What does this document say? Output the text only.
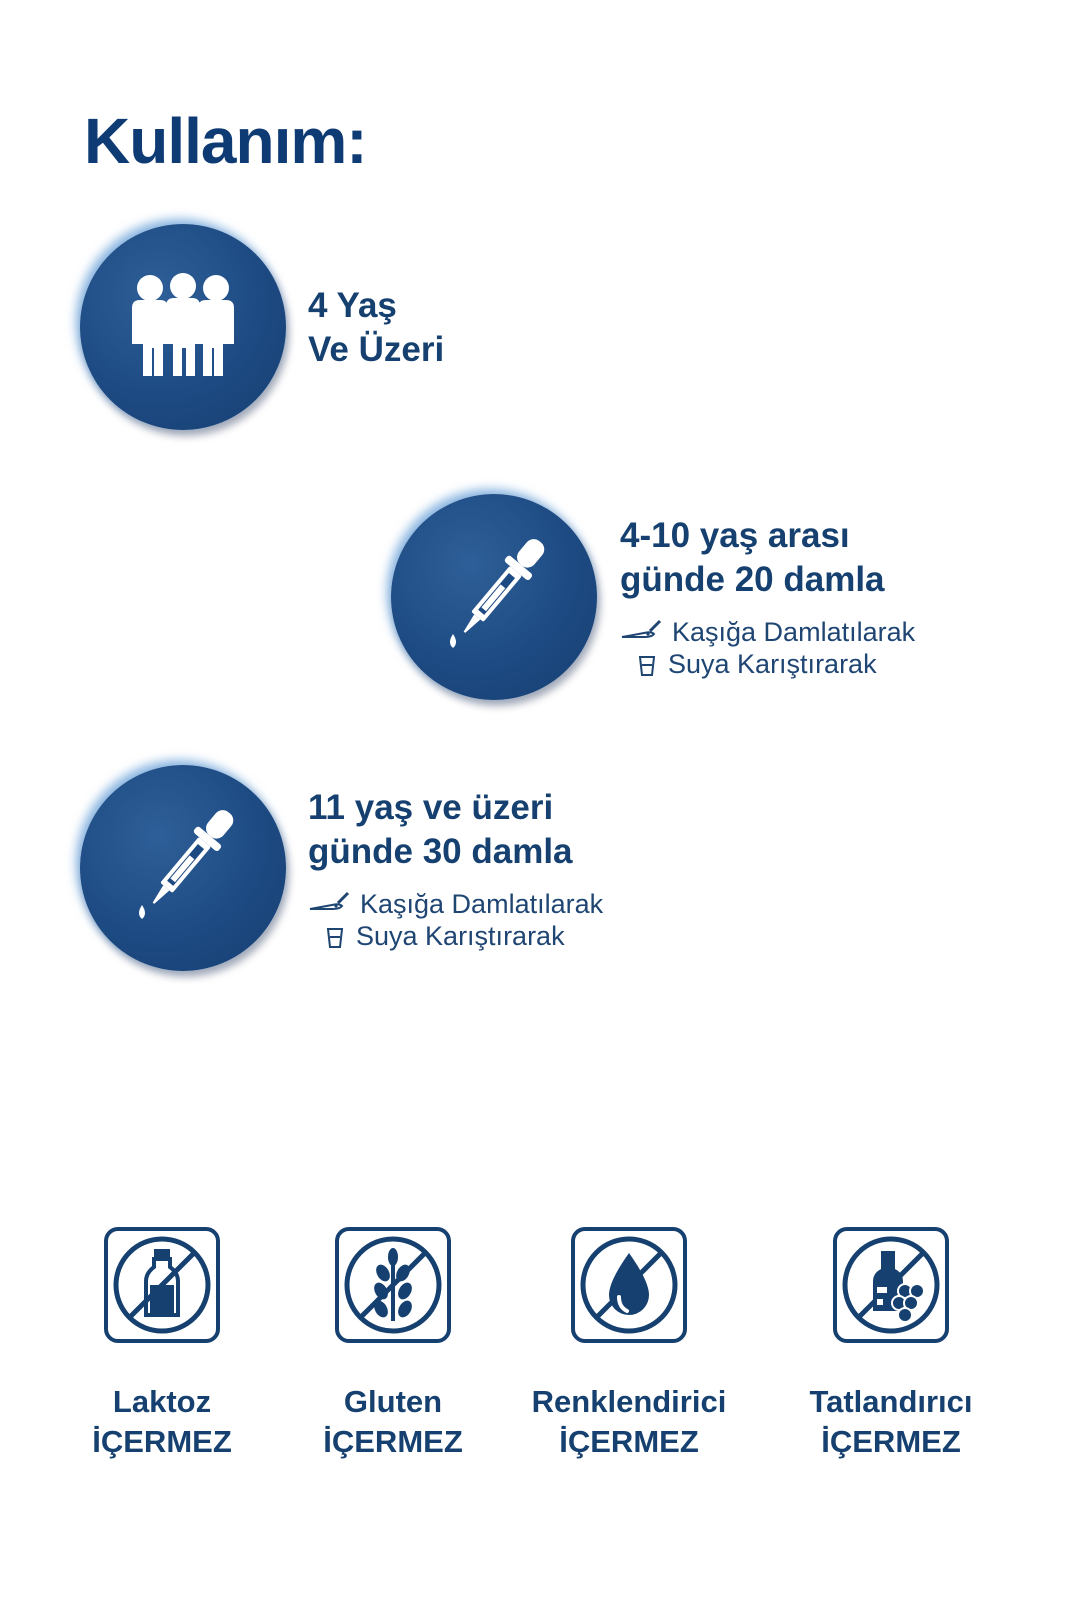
Kullanım:
4 Yaş
Ve Üzeri
4-10 yaş arası
günde 20 damla
Kaşığa Damlatılarak
Suya Karıştırarak
11 yaş ve üzeri
günde 30 damla
Kaşığa Damlatılarak
Suya Karıştırarak
Laktoz
İÇERMEZ
Gluten
İÇERMEZ
Renklendirici
İÇERMEZ
Tatlandırıcı
İÇERMEZ
